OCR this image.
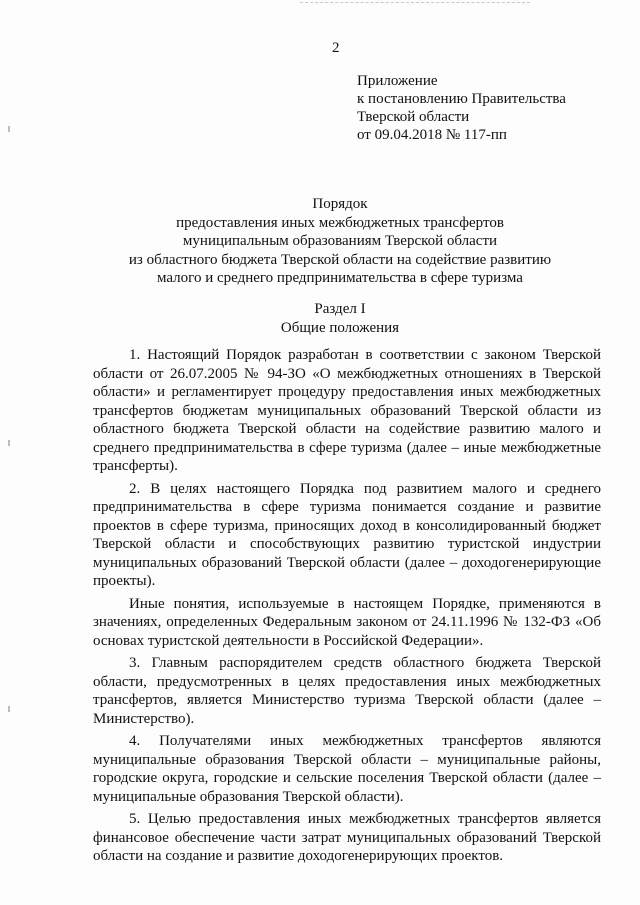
2
Приложение
к постановлению Правительства
Тверской области
от 09.04.2018 № 117-пп
Порядок
предоставления иных межбюджетных трансфертов
муниципальным образованиям Тверской области
из областного бюджета Тверской области на содействие развитию
малого и среднего предпринимательства в сфере туризма
Раздел I
Общие положения

1. Настоящий Порядок разработан в соответствии с законом Тверской области от 26.07.2005 № 94-ЗО «О межбюджетных отношениях в Тверской области» и регламентирует процедуру предоставления иных межбюджетных трансфертов бюджетам муниципальных образований Тверской области из областного бюджета Тверской области на содействие развитию малого и среднего предпринимательства в сфере туризма (далее – иные межбюджетные трансферты).

2. В целях настоящего Порядка под развитием малого и среднего предпринимательства в сфере туризма понимается создание и развитие проектов в сфере туризма, приносящих доход в консолидированный бюджет Тверской области и способствующих развитию туристской индустрии муниципальных образований Тверской области (далее – доходогенерирующие проекты).

Иные понятия, используемые в настоящем Порядке, применяются в значениях, определенных Федеральным законом от 24.11.1996 № 132-ФЗ «Об основах туристской деятельности в Российской Федерации».

3. Главным распорядителем средств областного бюджета Тверской области, предусмотренных в целях предоставления иных межбюджетных трансфертов, является Министерство туризма Тверской области (далее – Министерство).

4. Получателями иных межбюджетных трансфертов являются муниципальные образования Тверской области – муниципальные районы, городские округа, городские и сельские поселения Тверской области (далее – муниципальные образования Тверской области).

5. Целью предоставления иных межбюджетных трансфертов является финансовое обеспечение части затрат муниципальных образований Тверской области на создание и развитие доходогенерирующих проектов.
